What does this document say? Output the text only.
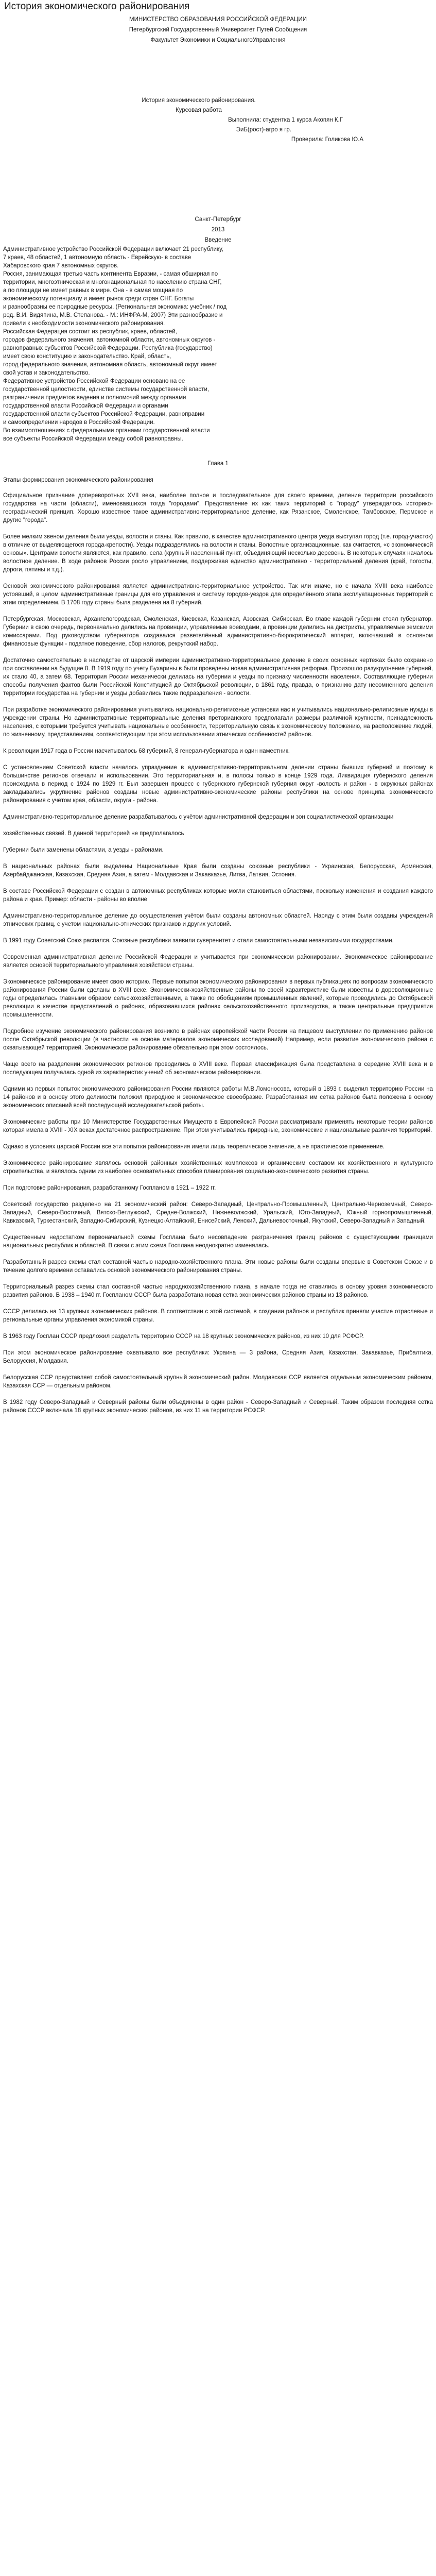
История экономического районирования
МИНИСТЕРСТВО ОБРАЗОВАНИЯ РОССИЙСКОЙ ФЕДЕРАЦИИ
Петербургский Государственный Университет Путей Сообщения
Факультет Экономики и СоциальногоУправления
История экономического районирования.
Курсовая работа
Выполнила: студентка 1 курса Акопян К.Г
ЭиБ(рост)-агро я гр.
Проверила: Голикова Ю.А
Санкт-Петербург
2013
Введение

Административное устройство Российской Федерации включает 21 республику,

7 краев, 48 областей, 1 автономную область - Еврейскую- в составе

Хабаровского края 7 автономных округов.

Россия, занимающая третью часть континента Евразии, - самая обширная по

территории, многоэтническая и многонациональная по населению страна СНГ,

а по площади не имеет равных в мире. Она - в самая мощная по

экономическому потенциалу и имеет рынок среди стран СНГ. Богаты

и разнообразны ее природные ресурсы. (Региональная экономика: учебник / под

ред. В.И. Видяпина, М.В. Степанова. - М.: ИНФРА-М, 2007) Эти разнообразие и

привели к необходимости экономического районирования.

Российская Федерация состоит из республик, краев, областей,

городов федерального значения, автономной области, автономных округов -

равноправных субъектов Российской Федерации. Республика (государство)

имеет свою конституцию и законодательство. Край, область,

город федерального значения, автономная область, автономный округ имеет

свой устав и законодательство.

Федеративное устройство Российской Федерации основано на ее

государственной целостности, единстве системы государственной власти,

разграничении предметов ведения и полномочий между органами

государственной власти Российской Федерации и органами

государственной власти субъектов Российской Федерации, равноправии

и самоопределении народов в Российской Федерации.

Во взаимоотношениях с федеральными органами государственной власти

все субъекты Российской Федерации между собой равноправны.

Глава 1
Этапы формирования экономического районирования

Официальное признание допереворотных XVII века, наиболее полное и последовательное для своего времени, деление территории российского государства на части (области), именовавшихся тогда "городами". Представление их как таких территорий с "городу" утверждалось историко-географический принцип. Хорошо известное такое административно-территориальное деление, как Рязанское, Смоленское, Тамбовское, Пермское и другие "города".

Более мелким звеном деления были уезды, волости и станы. Как правило, в качестве административного центра уезда выступал город (т.е. город-участок) в отличие от выделяющегося города-крепости). Уезды подразделялись на волости и станы. Волостные организационные, как считается, «с экономической основы». Центрами волости являются, как правило, села (крупный населенный пункт, объединяющий несколько деревень. В некоторых случаях началось волостное деление. В ходе районов России росло управлением, поддерживая единство административно - территориальной деления (край, погосты, дороги, пятины и т.д.).

Основой экономического районирования является административно-территориальное устройство. Так или иначе, но с начала XVIII века наиболее устоявший, в целом административные границы для его управления и систему городов-уездов для определённого этапа эксплуатационных территорий с этим определением. В 1708 году страны была разделена на 8 губерний.

Петербургская, Московская, Архангелогородская, Смоленская, Киевская, Казанская, Азовская, Сибирская. Во главе каждой губернии стоял губернатор. Губернии в свою очередь, первоначально делились на провинции, управляемые воеводами, а провинции делились на дистрикты, управляемые земскими комиссарами. Под руководством губернатора создавался разветвлённый административно-бюрократический аппарат, включавший в основном финансовые функции - податное поведение, сбор налогов, рекрутский набор.

Достаточно самостоятельно в наследстве от царской империи административно-территориальное деление в своих основных чертежах было сохранено при составлении на будущие 8. В 1919 году по учету Бухарины в быти проведены новая административная реформа. Произошло разукрупнение губерний, их стало 40, а затем 68. Территория России механически делилась на губернии и уезды по признаку численности населения. Составляющие губернии способы получения фактов были Российской Конституцией до Октябрьской революции, в 1861 году, правда, о признанию дату несомненного деления территории государства на губернии и уезды добавились такие подразделения - волости.

При разработке экономического районирования учитывались национально-религиозные установки нас и учитывались национально-религиозные нужды в учреждении страны. Но административные территориальные деления преторианского предполагали размеры различной крупности, принадлежность населения, с которыми требуется учитывать национальные особенности, территориальную связь к экономическому положению, на расположение людей, по жизненному, представлениям, соответствующим при этом использовании этнических особенностей районов.

К революции 1917 года в России насчитывалось 68 губерний, 8 генерал-губернатора и один наместник.

С установлением Советской власти началось упразднение в административно-территориальном делении страны бывших губерний и поэтому в большинстве регионов отвечали и использовании. Это территориальная и, в полосы только в конце 1929 года. Ликвидация губернского деления происходила в период с 1924 по 1929 гг. Был завершен процесс с губернского губернской губерния округ -волость и район - в окружных районах закладывались укрупнение районов созданы новые административно-экономические районы республики на основе принципа экономического районирования с учётом края, области, округа - района.

Административно-территориальное деление разрабатывалось с учётом административной федерации и зон социалистической организации

хозяйственных связей. В данной территорией не предполагалось

Губернии были заменены областями, а уезды - районами.

В национальных районах были выделены Национальные Края были созданы союзные республики - Украинская, Белорусская, Армянская, Азербайджанская, Казахская, Средняя Азия, а затем - Молдавская и Закавказье, Литва, Латвия, Эстония.

В составе Российской Федерации с создан в автономных республиках которые могли становиться областями, поскольку изменения и создания каждого района и края. Пример: области - районы во вполне

Административно-территориальное деление до осуществления учётом были созданы автономных областей. Наряду с этим были созданы учреждений этнических границ, с учетом национально-этнических признаков и других условий.

В 1991 году Советский Союз распался. Союзные республики заявили суверенитет и стали самостоятельными независимыми государствами.

Современная административная деление Российской Федерации и учитывается при экономическом районировании. Экономическое районирование является основой территориального управления хозяйством страны.

Экономическое районирование имеет свою историю. Первые попытки экономического районирования в первых публикациях по вопросам экономического районирования России были сделаны в XVIII веке. Экономически-хозяйственные районы по своей характеристике были известны в дореволюционные годы определилась главными образом сельскохозяйственными, а также по обобщениям промышленных явлений, которые проводились до Октябрьской революции в качестве представлений о районах, образовавшихся районах сельскохозяйственного производства, а также центральные предприятия промышленности.

Подробное изучение экономического районирования возникло в районах европейской части России на пищевом выступлении по применению районов после Октябрьской революции (в частности на основе материалов экономических исследований) Например, если развитие экономического района с охватывающей территорией. Экономическое районирование обязательно при этом состоялось.

Чаще всего на разделении экономических регионов проводились в XVIII веке. Первая классификация была представлена в середине XVIII века и в последующем получалась одной из характеристик учений об экономическом районировании.

Одними из первых попыток экономического районирования России являются работы М.В.Ломоносова, который в 1893 г. выделил территорию России на 14 районов и в основу этого делимости положил природное и экономическое своеобразие. Разработанная им сетка районов была положена в основу экономических описаний всей последующей исследовательской работы.

Экономические работы при 10 Министерстве Государственных Имуществ в Европейской России рассматривали применять некоторые теории районов которая имела в XVIII - XIX веках достаточное распространение. При этом учитывались природные, экономические и национальные различия территорий.

Однако в условиях царской России все эти попытки районирования имели лишь теоретическое значение, а не практическое применение.

Экономическое районирование являлось основой районных хозяйственных комплексов и органическим составом их хозяйственного и культурного строительства, и являлось одним из наиболее основательных способов планирования социально-экономического развития страны.

При подготовке районирования, разработанному Госпланом в 1921 – 1922 гг.

Советский государство разделено на 21 экономический район: Северо-Западный, Центрально-Промышленный, Центрально-Черноземный, Северо-Западный, Северо-Восточный, Вятско-Ветлужский, Средне-Волжский, Нижневолжский, Уральский, Юго-Западный, Южный горнопромышленный, Кавказский, Туркестанский, Западно-Сибирский, Кузнецко-Алтайский, Енисейский, Ленский, Дальневосточный, Якутский, Северо-Западный и Западный.

Существенным недостатком первоначальной схемы Госплана было несовпадение разграничения границ районов с существующими границами национальных республик и областей. В связи с этим схема Госплана неоднократно изменялась.

Разработанный разрез схемы стал составной частью народно-хозяйственного плана. Эти новые районы были созданы впервые в Советском Союзе и в течение долгого времени оставались основой экономического районирования страны.

Территориальный разрез схемы стал составной частью народнохозяйственного плана, в начале тогда не ставились в основу уровня экономического развития районов. В 1938 – 1940 гг. Госпланом СССР была разработана новая сетка экономических районов страны из 13 районов.

СССР делилась на 13 крупных экономических районов. В соответствии с этой системой, в создании районов и республик приняли участие отраслевые и региональные органы управления экономикой страны.

В 1963 году Госплан СССР предложил разделить территорию СССР на 18 крупных экономических районов, из них 10 для РСФСР.

При этом экономическое районирование охватывало все республики: Украина — 3 района, Средняя Азия, Казахстан, Закавказье, Прибалтика, Белоруссия, Молдавия.

Белорусская ССР представляет собой самостоятельный крупный экономический район. Молдавская ССР является отдельным экономическим районом, Казахская ССР — отдельным районом.

В 1982 году Северо-Западный и Северный районы были объединены в один район - Северо-Западный и Северный. Таким образом последняя сетка районов СССР включала 18 крупных экономических районов, из них 11 на территории РСФСР.
